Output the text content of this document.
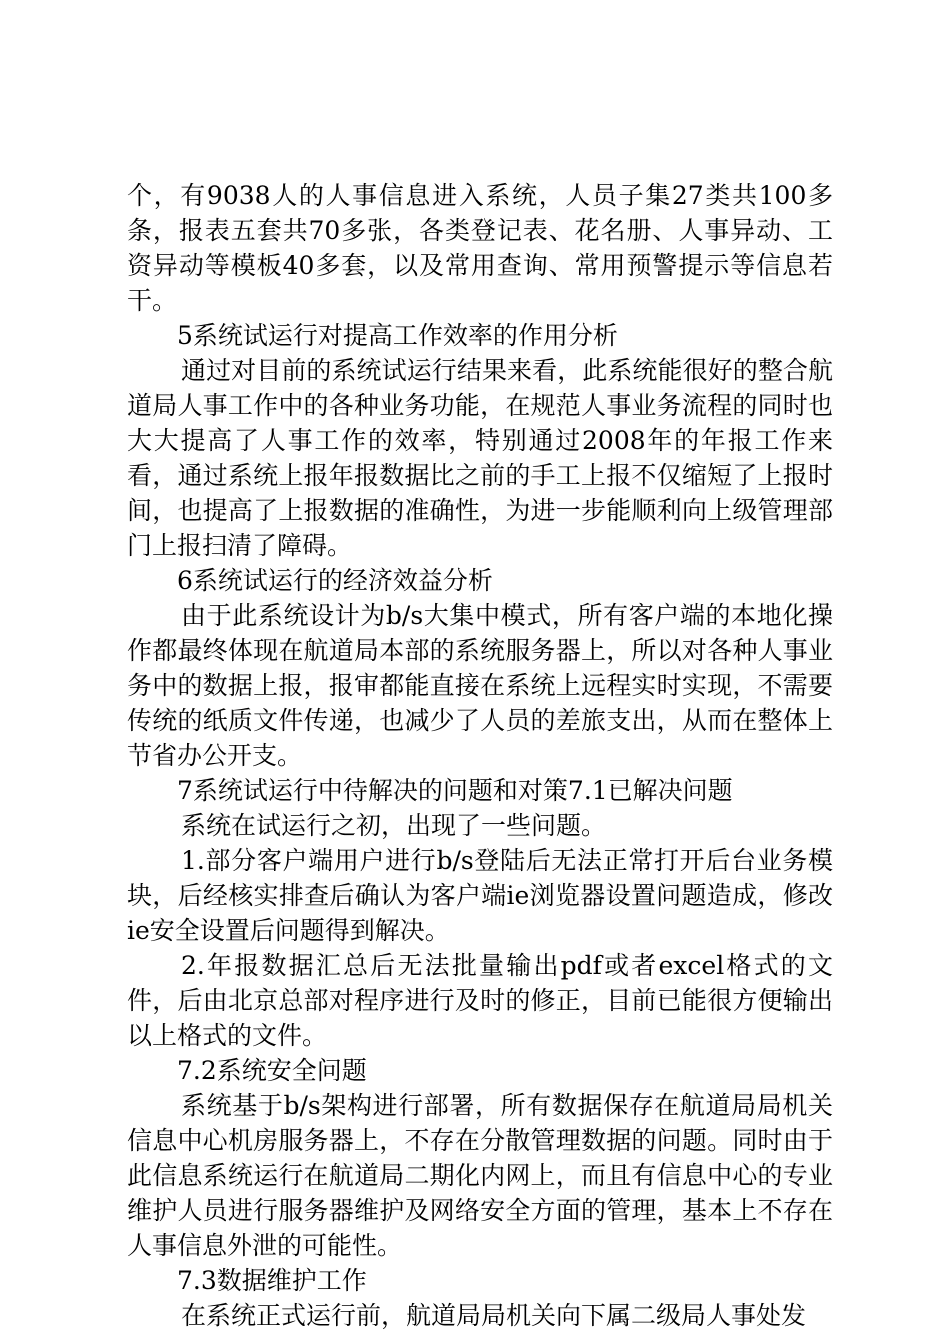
个，有9038人的人事信息进入系统，人员子集27类共100多条，报表五套共70多张，各类登记表、花名册、人事异动、工资异动等模板40多套，以及常用查询、常用预警提示等信息若干。

5系统试运行对提高工作效率的作用分析

通过对目前的系统试运行结果来看，此系统能很好的整合航道局人事工作中的各种业务功能，在规范人事业务流程的同时也大大提高了人事工作的效率，特别通过2008年的年报工作来看，通过系统上报年报数据比之前的手工上报不仅缩短了上报时间，也提高了上报数据的准确性，为进一步能顺利向上级管理部门上报扫清了障碍。

6系统试运行的经济效益分析

由于此系统设计为b/s大集中模式，所有客户端的本地化操作都最终体现在航道局本部的系统服务器上，所以对各种人事业务中的数据上报，报审都能直接在系统上远程实时实现，不需要传统的纸质文件传递，也减少了人员的差旅支出，从而在整体上节省办公开支。

7系统试运行中待解决的问题和对策7.1已解决问题

系统在试运行之初，出现了一些问题。

1.部分客户端用户进行b/s登陆后无法正常打开后台业务模块，后经核实排查后确认为客户端ie浏览器设置问题造成，修改ie安全设置后问题得到解决。

2.年报数据汇总后无法批量输出pdf或者excel格式的文件，后由北京总部对程序进行及时的修正，目前已能很方便输出以上格式的文件。

7.2系统安全问题

系统基于b/s架构进行部署，所有数据保存在航道局局机关信息中心机房服务器上，不存在分散管理数据的问题。同时由于此信息系统运行在航道局二期化内网上，而且有信息中心的专业维护人员进行服务器维护及网络安全方面的管理，基本上不存在人事信息外泄的可能性。

7.3数据维护工作

在系统正式运行前，航道局局机关向下属二级局人事处发
